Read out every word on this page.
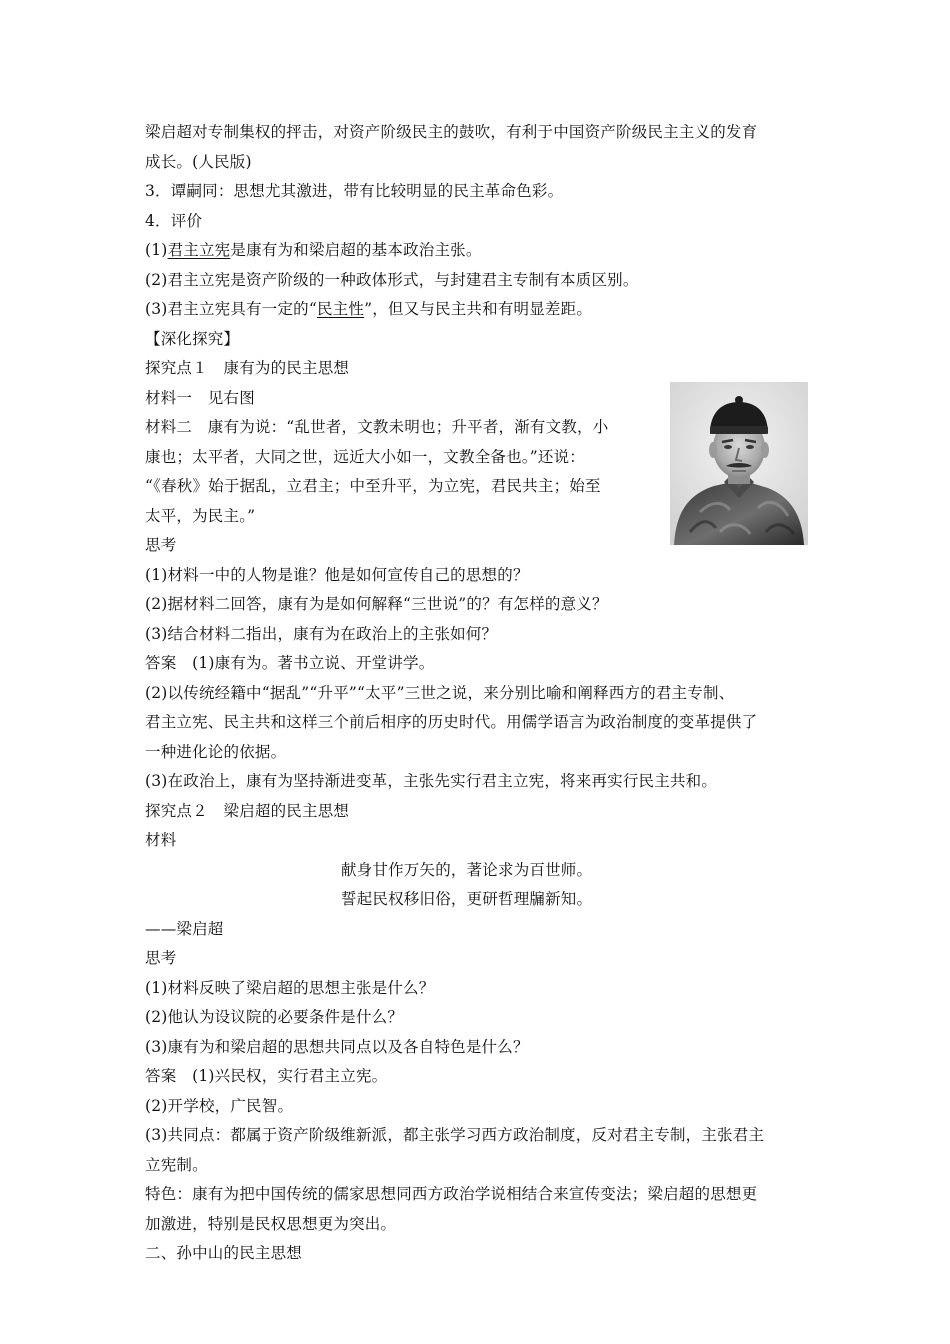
梁启超对专制集权的抨击，对资产阶级民主的鼓吹，有利于中国资产阶级民主主义的发育
成长。(人民版)
3．谭嗣同：思想尤其激进，带有比较明显的民主革命色彩。
4．评价
(1)君主立宪是康有为和梁启超的基本政治主张。
(2)君主立宪是资产阶级的一种政体形式，与封建君主专制有本质区别。
(3)君主立宪具有一定的“民主性”，但又与民主共和有明显差距。
【深化探究】
探究点１　康有为的民主思想
材料一　见右图
材料二　康有为说：“乱世者，文教未明也；升平者，渐有文教，小
康也；太平者，大同之世，远近大小如一，文教全备也。”还说：
“《春秋》始于据乱，立君主；中至升平，为立宪，君民共主；始至
太平，为民主。”
思考
(1)材料一中的人物是谁？他是如何宣传自己的思想的？
(2)据材料二回答，康有为是如何解释“三世说”的？有怎样的意义？
(3)结合材料二指出，康有为在政治上的主张如何？
答案　(1)康有为。著书立说、开堂讲学。
(2)以传统经籍中“据乱”“升平”“太平”三世之说，来分别比喻和阐释西方的君主专制、
君主立宪、民主共和这样三个前后相序的历史时代。用儒学语言为政治制度的变革提供了
一种进化论的依据。
(3)在政治上，康有为坚持渐进变革，主张先实行君主立宪，将来再实行民主共和。
探究点２　梁启超的民主思想
材料
献身甘作万矢的，著论求为百世师。
誓起民权移旧俗，更研哲理牖新知。
——梁启超
思考
(1)材料反映了梁启超的思想主张是什么？
(2)他认为设议院的必要条件是什么？
(3)康有为和梁启超的思想共同点以及各自特色是什么？
答案　(1)兴民权，实行君主立宪。
(2)开学校，广民智。
(3)共同点：都属于资产阶级维新派，都主张学习西方政治制度，反对君主专制，主张君主
立宪制。
特色：康有为把中国传统的儒家思想同西方政治学说相结合来宣传变法；梁启超的思想更
加激进，特别是民权思想更为突出。
二、孙中山的民主思想
